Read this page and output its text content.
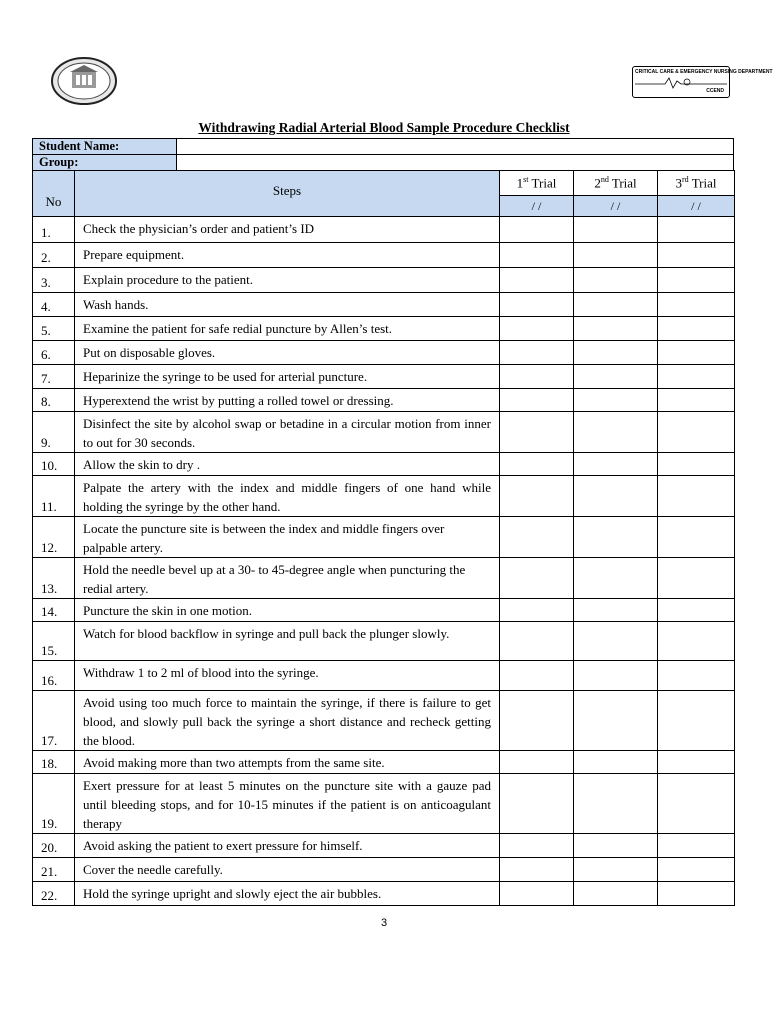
CRITICAL CARE & EMERGENCY NURSING DEPARTMENT
CCEND
Withdrawing Radial Arterial Blood Sample Procedure Checklist
Student Name:	
Group:	
No	Steps	1st Trial	2nd Trial	3rd Trial
		/ /	/ /	/ /
1.	Check the physician’s order and patient’s ID			
2.	Prepare equipment.			
3.	Explain procedure to the patient.			
4.	Wash hands.			
5.	Examine the patient for safe redial puncture by Allen’s test.			
6.	Put on disposable gloves.			
7.	Heparinize the syringe to be used for arterial puncture.			
8.	Hyperextend the wrist by putting a rolled towel or dressing.			
9.	Disinfect the site by alcohol swap or betadine in a circular motion from inner to out for 30 seconds.			
10.	Allow the skin to dry .			
11.	Palpate the artery with the index and middle fingers of one hand while holding the syringe by the other hand.			
12.	Locate the puncture site is between the index and middle fingers over palpable artery.			
13.	Hold the needle bevel up at a 30- to 45-degree angle when puncturing the redial artery.			
14.	Puncture the skin in one motion.			
15.	Watch for blood backflow in syringe and pull back the plunger slowly.			
16.	Withdraw 1 to 2 ml of blood into the syringe.			
17.	Avoid using too much force to maintain the syringe, if there is failure to get blood, and slowly pull back the syringe a short distance and recheck getting the blood.			
18.	Avoid making more than two attempts from the same site.			
19.	Exert pressure for at least 5 minutes on the puncture site with a gauze pad until bleeding stops, and for 10-15 minutes if the patient is on anticoagulant therapy			
20.	Avoid asking the patient to exert pressure for himself.			
21.	Cover the needle carefully.			
22.	Hold the syringe upright and slowly eject the air bubbles.			
3
